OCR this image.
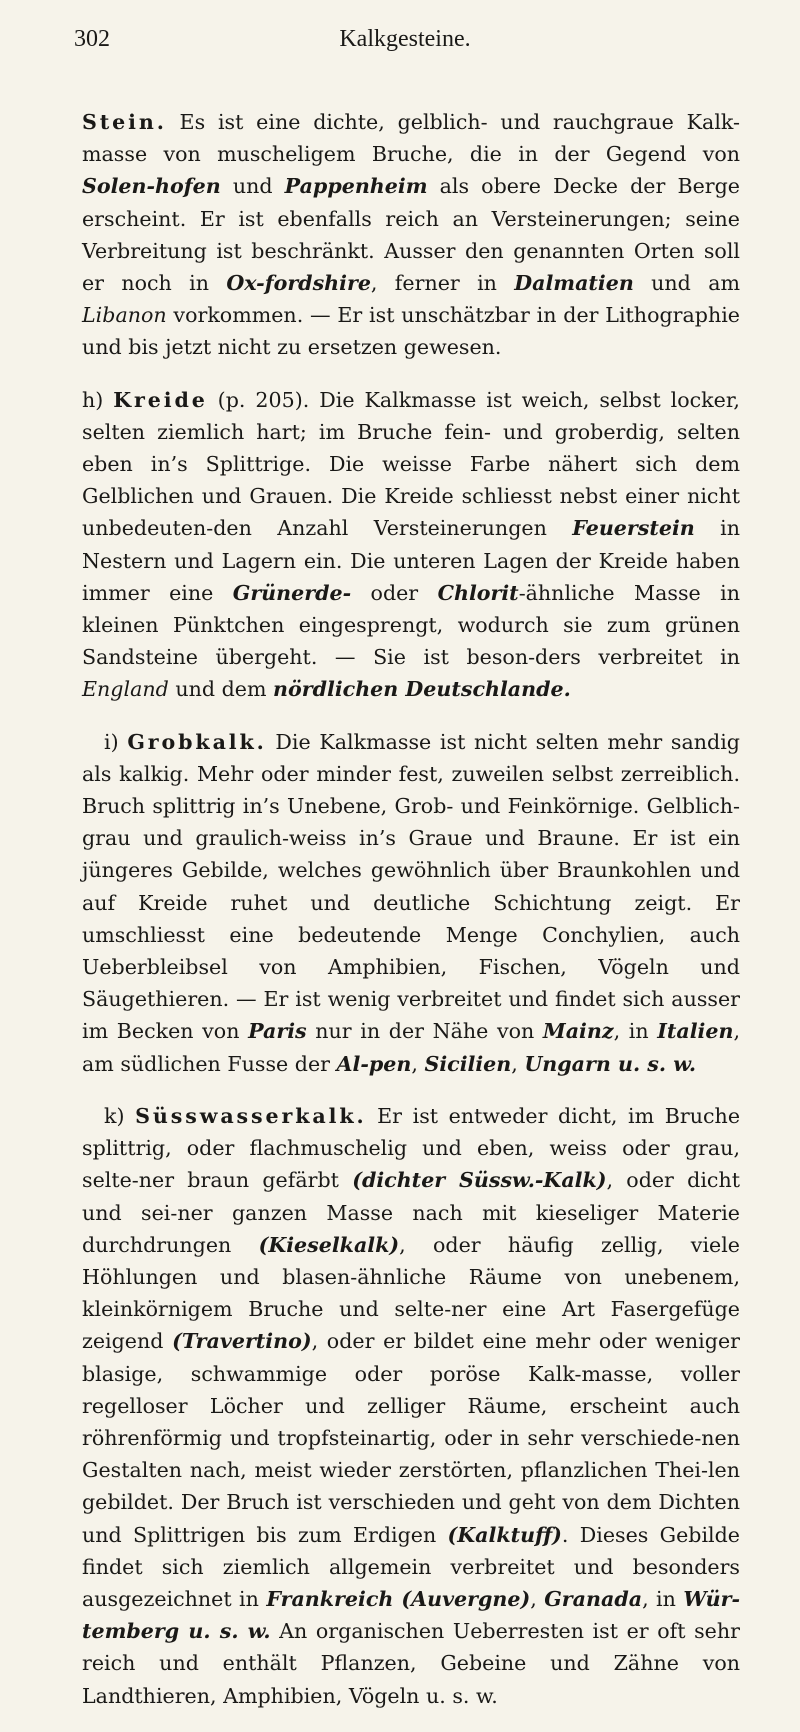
302	Kalkgesteine.

Stein. Es ist eine dichte, gelblich- und rauchgraue Kalk-masse von muscheligem Bruche, die in der Gegend von Solen-hofen und Pappenheim als obere Decke der Berge erscheint. Er ist ebenfalls reich an Versteinerungen; seine Verbreitung ist beschränkt. Ausser den genannten Orten soll er noch in Ox-fordshire, ferner in Dalmatien und am Libanon vorkommen. — Er ist unschätzbar in der Lithographie und bis jetzt nicht zu ersetzen gewesen.

h) Kreide (p. 205). Die Kalkmasse ist weich, selbst locker, selten ziemlich hart; im Bruche fein- und groberdig, selten eben in’s Splittrige. Die weisse Farbe nähert sich dem Gelblichen und Grauen. Die Kreide schliesst nebst einer nicht unbedeuten-den Anzahl Versteinerungen Feuerstein in Nestern und Lagern ein. Die unteren Lagen der Kreide haben immer eine Grünerde- oder Chlorit-ähnliche Masse in kleinen Pünktchen eingesprengt, wodurch sie zum grünen Sandsteine übergeht. — Sie ist beson-ders verbreitet in England und dem nördlichen Deutschlande.

i) Grobkalk. Die Kalkmasse ist nicht selten mehr sandig als kalkig. Mehr oder minder fest, zuweilen selbst zerreiblich. Bruch splittrig in’s Unebene, Grob- und Feinkörnige. Gelblich-grau und graulich-weiss in’s Graue und Braune. Er ist ein jüngeres Gebilde, welches gewöhnlich über Braunkohlen und auf Kreide ruhet und deutliche Schichtung zeigt. Er umschliesst eine bedeutende Menge Conchylien, auch Ueberbleibsel von Amphibien, Fischen, Vögeln und Säugethieren. — Er ist wenig verbreitet und findet sich ausser im Becken von Paris nur in der Nähe von Mainz, in Italien, am südlichen Fusse der Al-pen, Sicilien, Ungarn u. s. w.

k) Süsswasserkalk. Er ist entweder dicht, im Bruche splittrig, oder flachmuschelig und eben, weiss oder grau, selte-ner braun gefärbt (dichter Süssw.-Kalk), oder dicht und sei-ner ganzen Masse nach mit kieseliger Materie durchdrungen (Kieselkalk), oder häufig zellig, viele Höhlungen und blasen-ähnliche Räume von unebenem, kleinkörnigem Bruche und selte-ner eine Art Fasergefüge zeigend (Travertino), oder er bildet eine mehr oder weniger blasige, schwammige oder poröse Kalk-masse, voller regelloser Löcher und zelliger Räume, erscheint auch röhrenförmig und tropfsteinartig, oder in sehr verschiede-nen Gestalten nach, meist wieder zerstörten, pflanzlichen Thei-len gebildet. Der Bruch ist verschieden und geht von dem Dichten und Splittrigen bis zum Erdigen (Kalktuff). Dieses Gebilde findet sich ziemlich allgemein verbreitet und besonders ausgezeichnet in Frankreich (Auvergne), Granada, in Wür-temberg u. s. w. An organischen Ueberresten ist er oft sehr reich und enthält Pflanzen, Gebeine und Zähne von Landthieren, Amphibien, Vögeln u. s. w.
